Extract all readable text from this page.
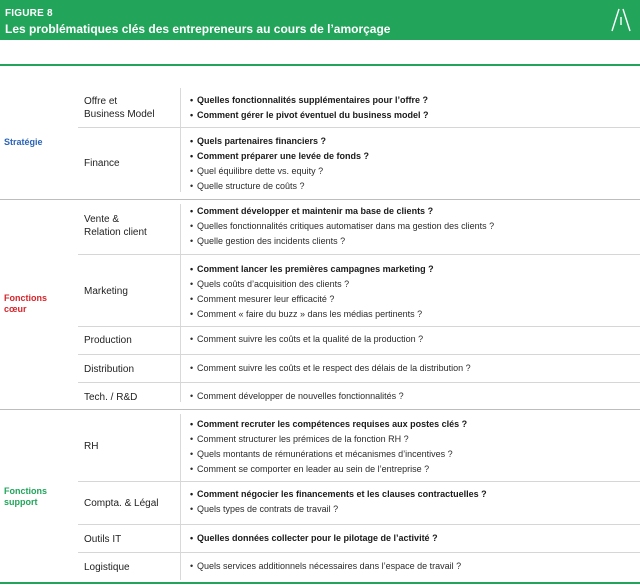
FIGURE 8
Les problématiques clés des entrepreneurs au cours de l’amorçage
Stratégie
Offre et
Business Model
• Quelles fonctionnalités supplémentaires pour l’offre ?
• Comment gérer le pivot éventuel du business model ?
Finance
• Quels partenaires financiers ?
• Comment préparer une levée de fonds ?
• Quel équilibre dette vs. equity ?
• Quelle structure de coûts ?
Fonctions
cœur
Vente &
Relation client
• Comment développer et maintenir ma base de clients ?
• Quelles fonctionnalités critiques automatiser dans ma gestion des clients ?
• Quelle gestion des incidents clients ?
Marketing
• Comment lancer les premières campagnes marketing ?
• Quels coûts d’acquisition des clients ?
• Comment mesurer leur efficacité ?
• Comment « faire du buzz » dans les médias pertinents ?
Production	• Comment suivre les coûts et la qualité de la production ?
Distribution	• Comment suivre les coûts et le respect des délais de la distribution ?
Tech. / R&D	• Comment développer de nouvelles fonctionnalités ?
Fonctions
support
RH
• Comment recruter les compétences requises aux postes clés ?
• Comment structurer les prémices de la fonction RH ?
• Quels montants de rémunérations et mécanismes d’incentives ?
• Comment se comporter en leader au sein de l’entreprise ?
Compta. & Légal
• Comment négocier les financements et les clauses contractuelles ?
• Quels types de contrats de travail ?
Outils IT	• Quelles données collecter pour le pilotage de l’activité ?
Logistique	• Quels services additionnels nécessaires dans l’espace de travail ?
